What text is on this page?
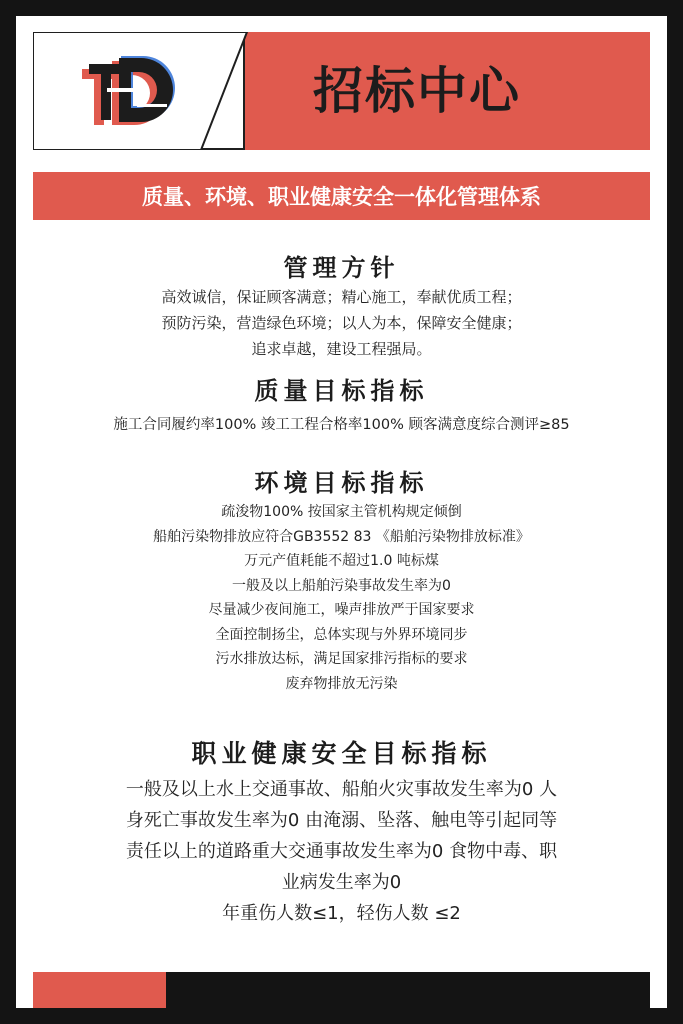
招标中心
质量、环境、职业健康安全一体化管理体系
管理方针
高效诚信，保证顾客满意；精心施工，奉献优质工程；
预防污染，营造绿色环境；以人为本，保障安全健康；
追求卓越，建设工程强局。
质量目标指标
施工合同履约率100% 竣工工程合格率100% 顾客满意度综合测评≥85
环境目标指标
疏浚物100% 按国家主管机构规定倾倒
船舶污染物排放应符合GB3552 83 《船舶污染物排放标准》
万元产值耗能不超过1.0 吨标煤
一般及以上船舶污染事故发生率为0
尽量减少夜间施工，噪声排放严于国家要求
全面控制扬尘，总体实现与外界环境同步
污水排放达标，满足国家排污指标的要求
废弃物排放无污染
职业健康安全目标指标
一般及以上水上交通事故、船舶火灾事故发生率为0 人
身死亡事故发生率为0 由淹溺、坠落、触电等引起同等
责任以上的道路重大交通事故发生率为0 食物中毒、职
业病发生率为0
年重伤人数≤1，轻伤人数 ≤2
